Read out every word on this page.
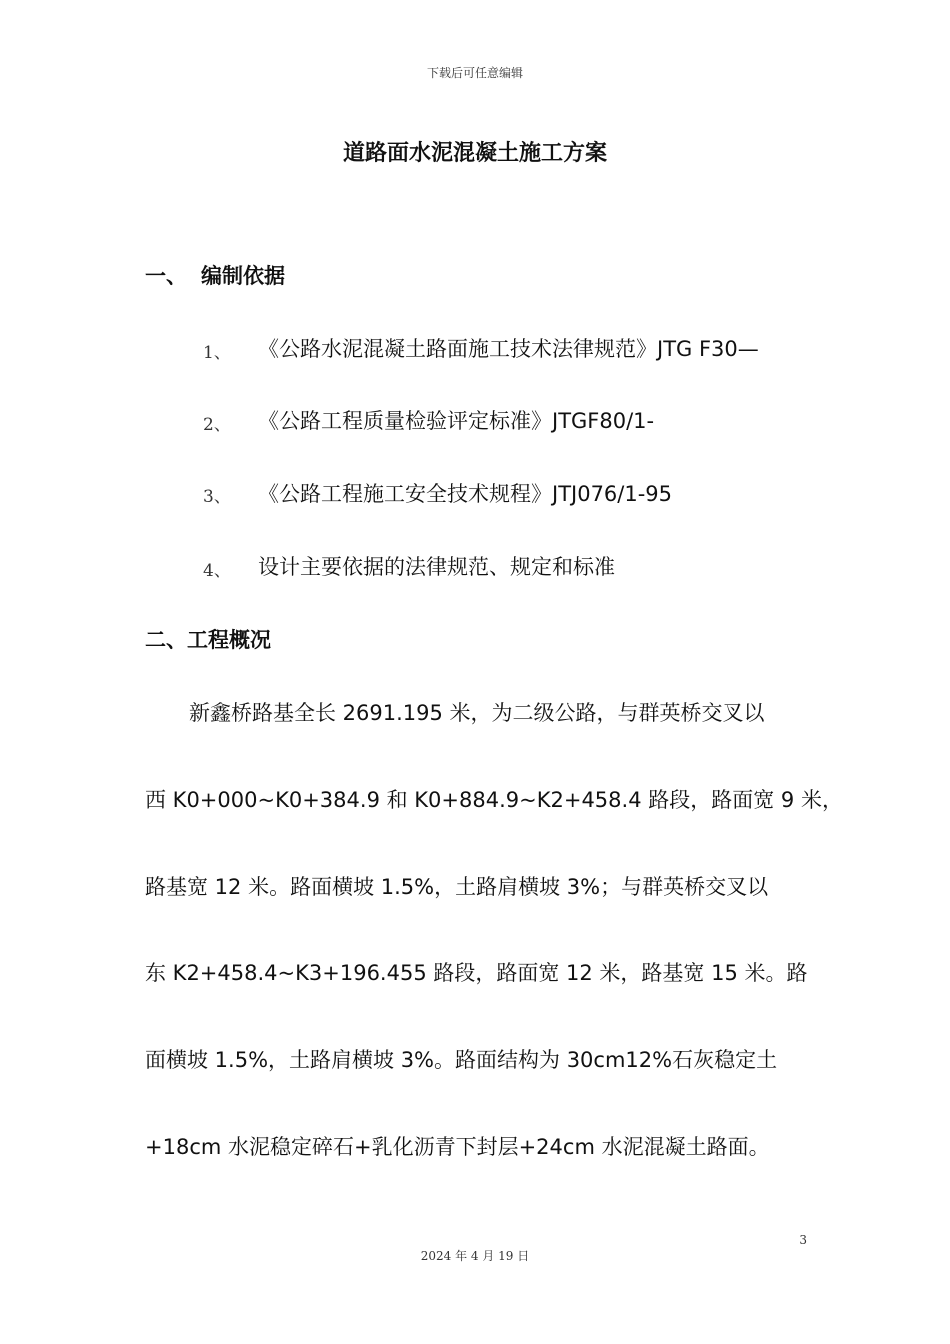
下载后可任意编辑
道路面水泥混凝土施工方案
一、 编制依据
1、 《公路水泥混凝土路面施工技术法律规范》JTG F30—
2、 《公路工程质量检验评定标准》JTGF80/1-
3、 《公路工程施工安全技术规程》JTJ076/1-95
4、 设计主要依据的法律规范、规定和标准
二、工程概况
新鑫桥路基全长 2691.195 米，为二级公路，与群英桥交叉以
西 K0+000~K0+384.9 和 K0+884.9~K2+458.4 路段，路面宽 9 米，
路基宽 12 米。路面横坡 1.5%，土路肩横坡 3%；与群英桥交叉以
东 K2+458.4~K3+196.455 路段，路面宽 12 米，路基宽 15 米。路
面横坡 1.5%，土路肩横坡 3%。路面结构为 30cm12%石灰稳定土
+18cm 水泥稳定碎石+乳化沥青下封层+24cm 水泥混凝土路面。
3
2024 年 4 月 19 日
